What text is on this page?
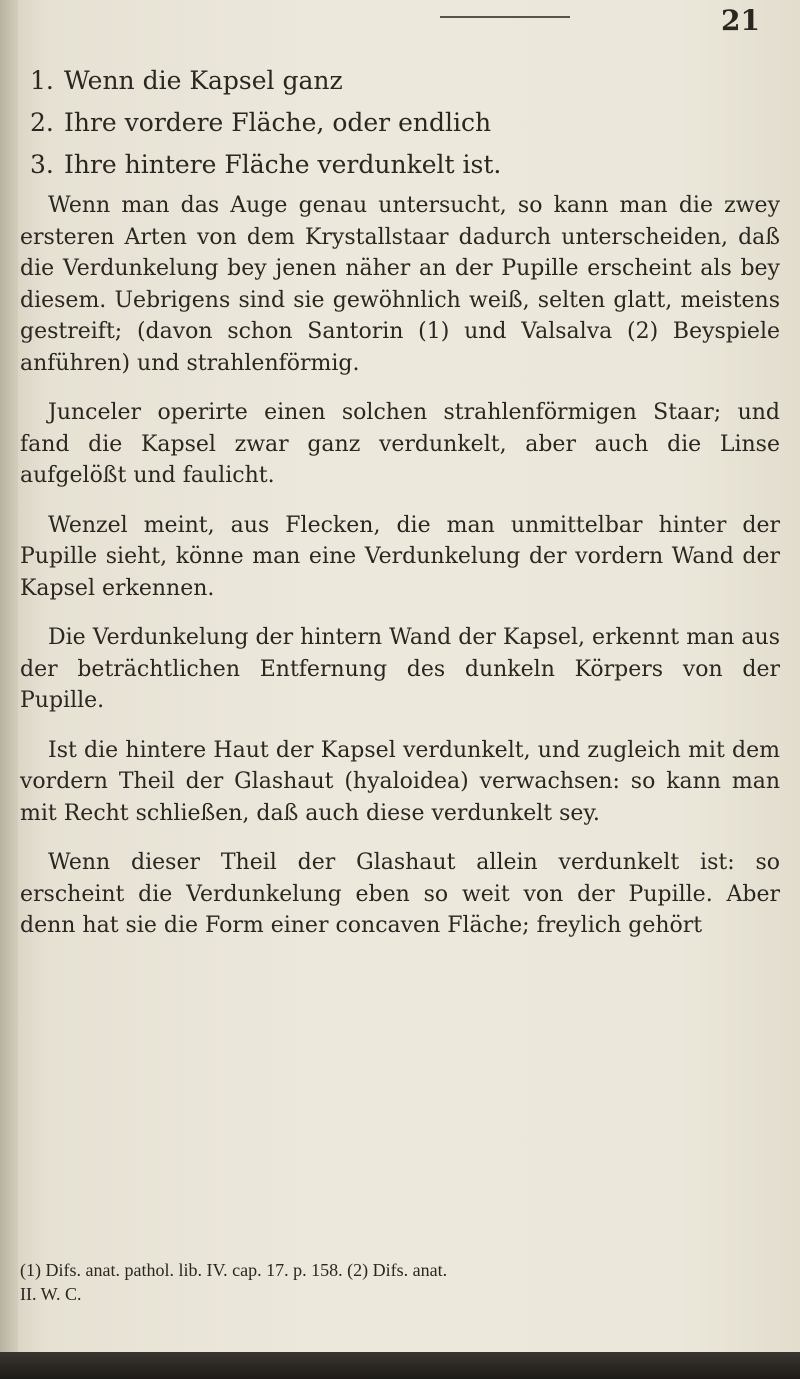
21
1. Wenn die Kapsel ganz
2. Ihre vordere Fläche, oder endlich
3. Ihre hintere Fläche verdunkelt ist.

Wenn man das Auge genau untersucht, so kann man die zwey ersteren Arten von dem Krystallstaar dadurch unterscheiden, daß die Verdunkelung bey jenen näher an der Pupille erscheint als bey diesem. Uebrigens sind sie gewöhnlich weiß, selten glatt, meistens gestreift; (davon schon Santorin (1) und Valsalva (2) Beyspiele anführen) und strahlenförmig.

Junceler operirte einen solchen strahlenförmigen Staar; und fand die Kapsel zwar ganz verdunkelt, aber auch die Linse aufgelößt und faulicht.

Wenzel meint, aus Flecken, die man unmittelbar hinter der Pupille sieht, könne man eine Verdunkelung der vordern Wand der Kapsel erkennen.

Die Verdunkelung der hintern Wand der Kapsel, erkennt man aus der beträchtlichen Entfernung des dunkeln Körpers von der Pupille.

Ist die hintere Haut der Kapsel verdunkelt, und zugleich mit dem vordern Theil der Glashaut (hyaloidea) verwachsen: so kann man mit Recht schließen, daß auch diese verdunkelt sey.

Wenn dieser Theil der Glashaut allein verdunkelt ist: so erscheint die Verdunkelung eben so weit von der Pupille. Aber denn hat sie die Form einer concaven Fläche; freylich gehört

(1) Difs. anat. pathol. lib. IV. cap. 17. p. 158. (2) Difs. anat.
II. W. C.
